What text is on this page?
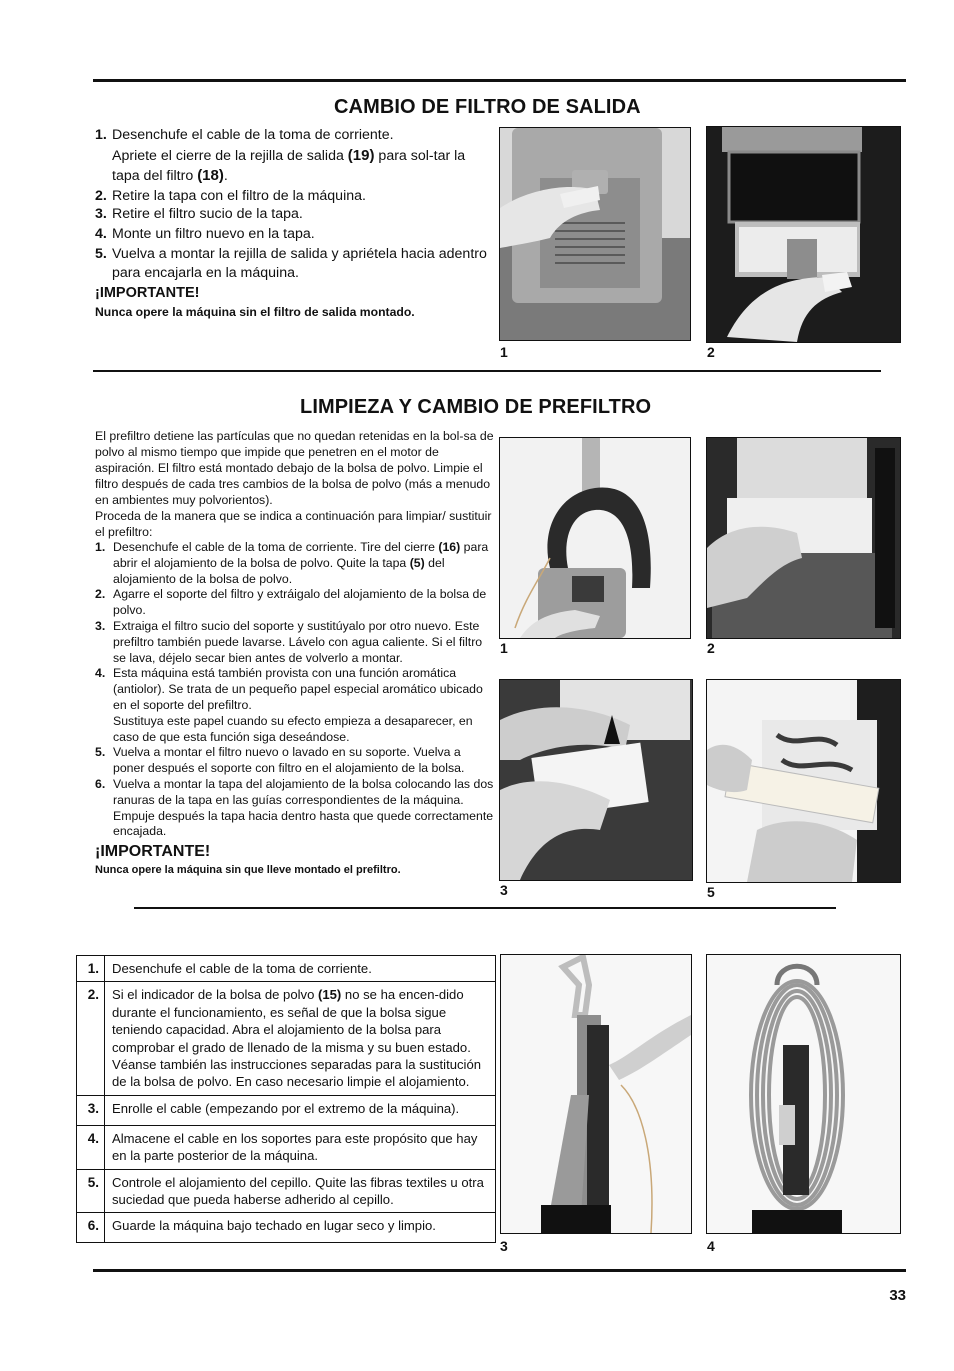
CAMBIO DE FILTRO DE SALIDA
1. Desenchufe el cable de la toma de corriente.
Apriete el cierre de la rejilla de salida (19) para sol-tar la tapa del filtro (18).
2. Retire la tapa con el filtro de la máquina.
3. Retire el filtro sucio de la tapa.
4. Monte un filtro nuevo en la tapa.
5. Vuelva a montar la rejilla de salida y apriétela hacia adentro para encajarla en la máquina.
¡IMPORTANTE!
Nunca opere la máquina sin el filtro de salida montado.
1	2
LIMPIEZA Y CAMBIO DE PREFILTRO
El prefiltro detiene las partículas que no quedan retenidas en la bol-sa de polvo al mismo tiempo que impide que penetren en el motor de aspiración. El filtro está montado debajo de la bolsa de polvo. Limpie el filtro después de cada tres cambios de la bolsa de polvo (más a menudo en ambientes muy polvorientos).
Proceda de la manera que se indica a continuación para limpiar/ sustituir el prefiltro:
1. Desenchufe el cable de la toma de corriente. Tire del cierre (16) para abrir el alojamiento de la bolsa de polvo. Quite la tapa (5) del alojamiento de la bolsa de polvo.
2. Agarre el soporte del filtro y extráigalo del alojamiento de la bolsa de polvo.
3. Extraiga el filtro sucio del soporte y sustitúyalo por otro nuevo. Este prefiltro también puede lavarse. Lávelo con agua caliente. Si el filtro se lava, déjelo secar bien antes de volverlo a montar.
4. Esta máquina está también provista con una función aromática (antiolor). Se trata de un pequeño papel especial aromático ubicado en el soporte del prefiltro.
Sustituya este papel cuando su efecto empieza a desaparecer, en caso de que esta función siga deseándose.
5. Vuelva a montar el filtro nuevo o lavado en su soporte. Vuelva a poner después el soporte con filtro en el alojamiento de la bolsa.
6. Vuelva a montar la tapa del alojamiento de la bolsa colocando las dos ranuras de la tapa en las guías correspondientes de la máquina. Empuje después la tapa hacia dentro hasta que quede correctamente encajada.
¡IMPORTANTE!
Nunca opere la máquina sin que lleve montado el prefiltro.
1	2
3	5
1.	Desenchufe el cable de la toma de corriente.
2.	Si el indicador de la bolsa de polvo (15) no se ha encen-dido durante el funcionamiento, es señal de que la bolsa sigue teniendo capacidad. Abra el alojamiento de la bolsa para comprobar el grado de llenado de la misma y su buen estado. Véanse también las instrucciones separadas para la sustitución de la bolsa de polvo. En caso necesario limpie el alojamiento.
3.	Enrolle el cable (empezando por el extremo de la máquina).
4.	Almacene el cable en los soportes para este propósito que hay en la parte posterior de la máquina.
5.	Controle el alojamiento del cepillo. Quite las fibras textiles u otra suciedad que pueda haberse adherido al cepillo.
6.	Guarde la máquina bajo techado en lugar seco y limpio.
3	4
33
